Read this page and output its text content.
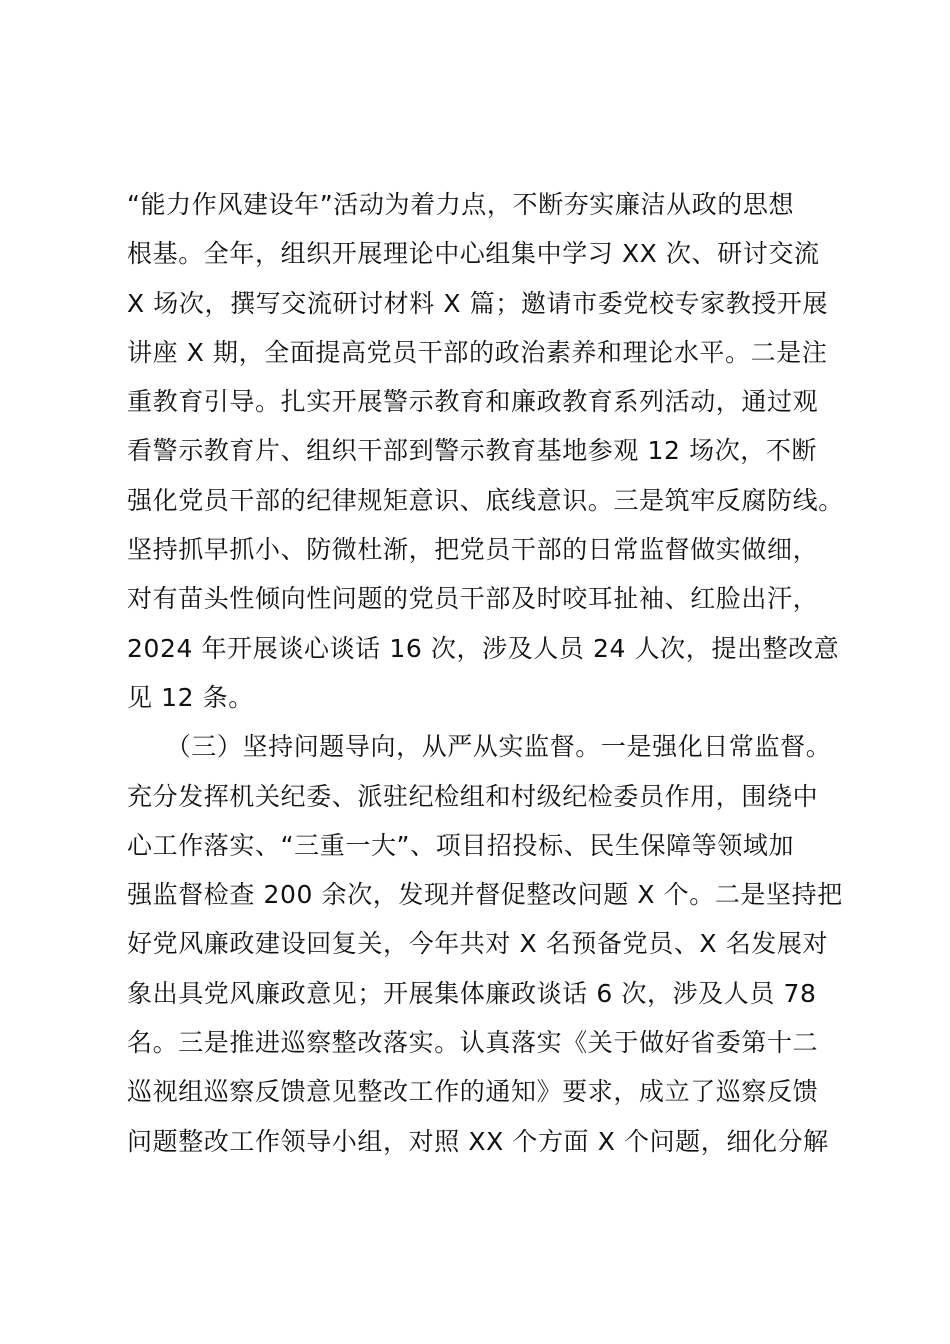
“能力作风建设年”活动为着力点，不断夯实廉洁从政的思想
根基。全年，组织开展理论中心组集中学习 XX 次、研讨交流
X 场次，撰写交流研讨材料 X 篇；邀请市委党校专家教授开展
讲座 X 期，全面提高党员干部的政治素养和理论水平。二是注
重教育引导。扎实开展警示教育和廉政教育系列活动，通过观
看警示教育片、组织干部到警示教育基地参观 12 场次，不断
强化党员干部的纪律规矩意识、底线意识。三是筑牢反腐防线。
坚持抓早抓小、防微杜渐，把党员干部的日常监督做实做细，
对有苗头性倾向性问题的党员干部及时咬耳扯袖、红脸出汗，
2024 年开展谈心谈话 16 次，涉及人员 24 人次，提出整改意
见 12 条。
　　（三）坚持问题导向，从严从实监督。一是强化日常监督。
充分发挥机关纪委、派驻纪检组和村级纪检委员作用，围绕中
心工作落实、“三重一大”、项目招投标、民生保障等领域加
强监督检查 200 余次，发现并督促整改问题 X 个。二是坚持把
好党风廉政建设回复关，今年共对 X 名预备党员、X 名发展对
象出具党风廉政意见；开展集体廉政谈话 6 次，涉及人员 78
名。三是推进巡察整改落实。认真落实《关于做好省委第十二
巡视组巡察反馈意见整改工作的通知》要求，成立了巡察反馈
问题整改工作领导小组，对照 XX 个方面 X 个问题，细化分解
